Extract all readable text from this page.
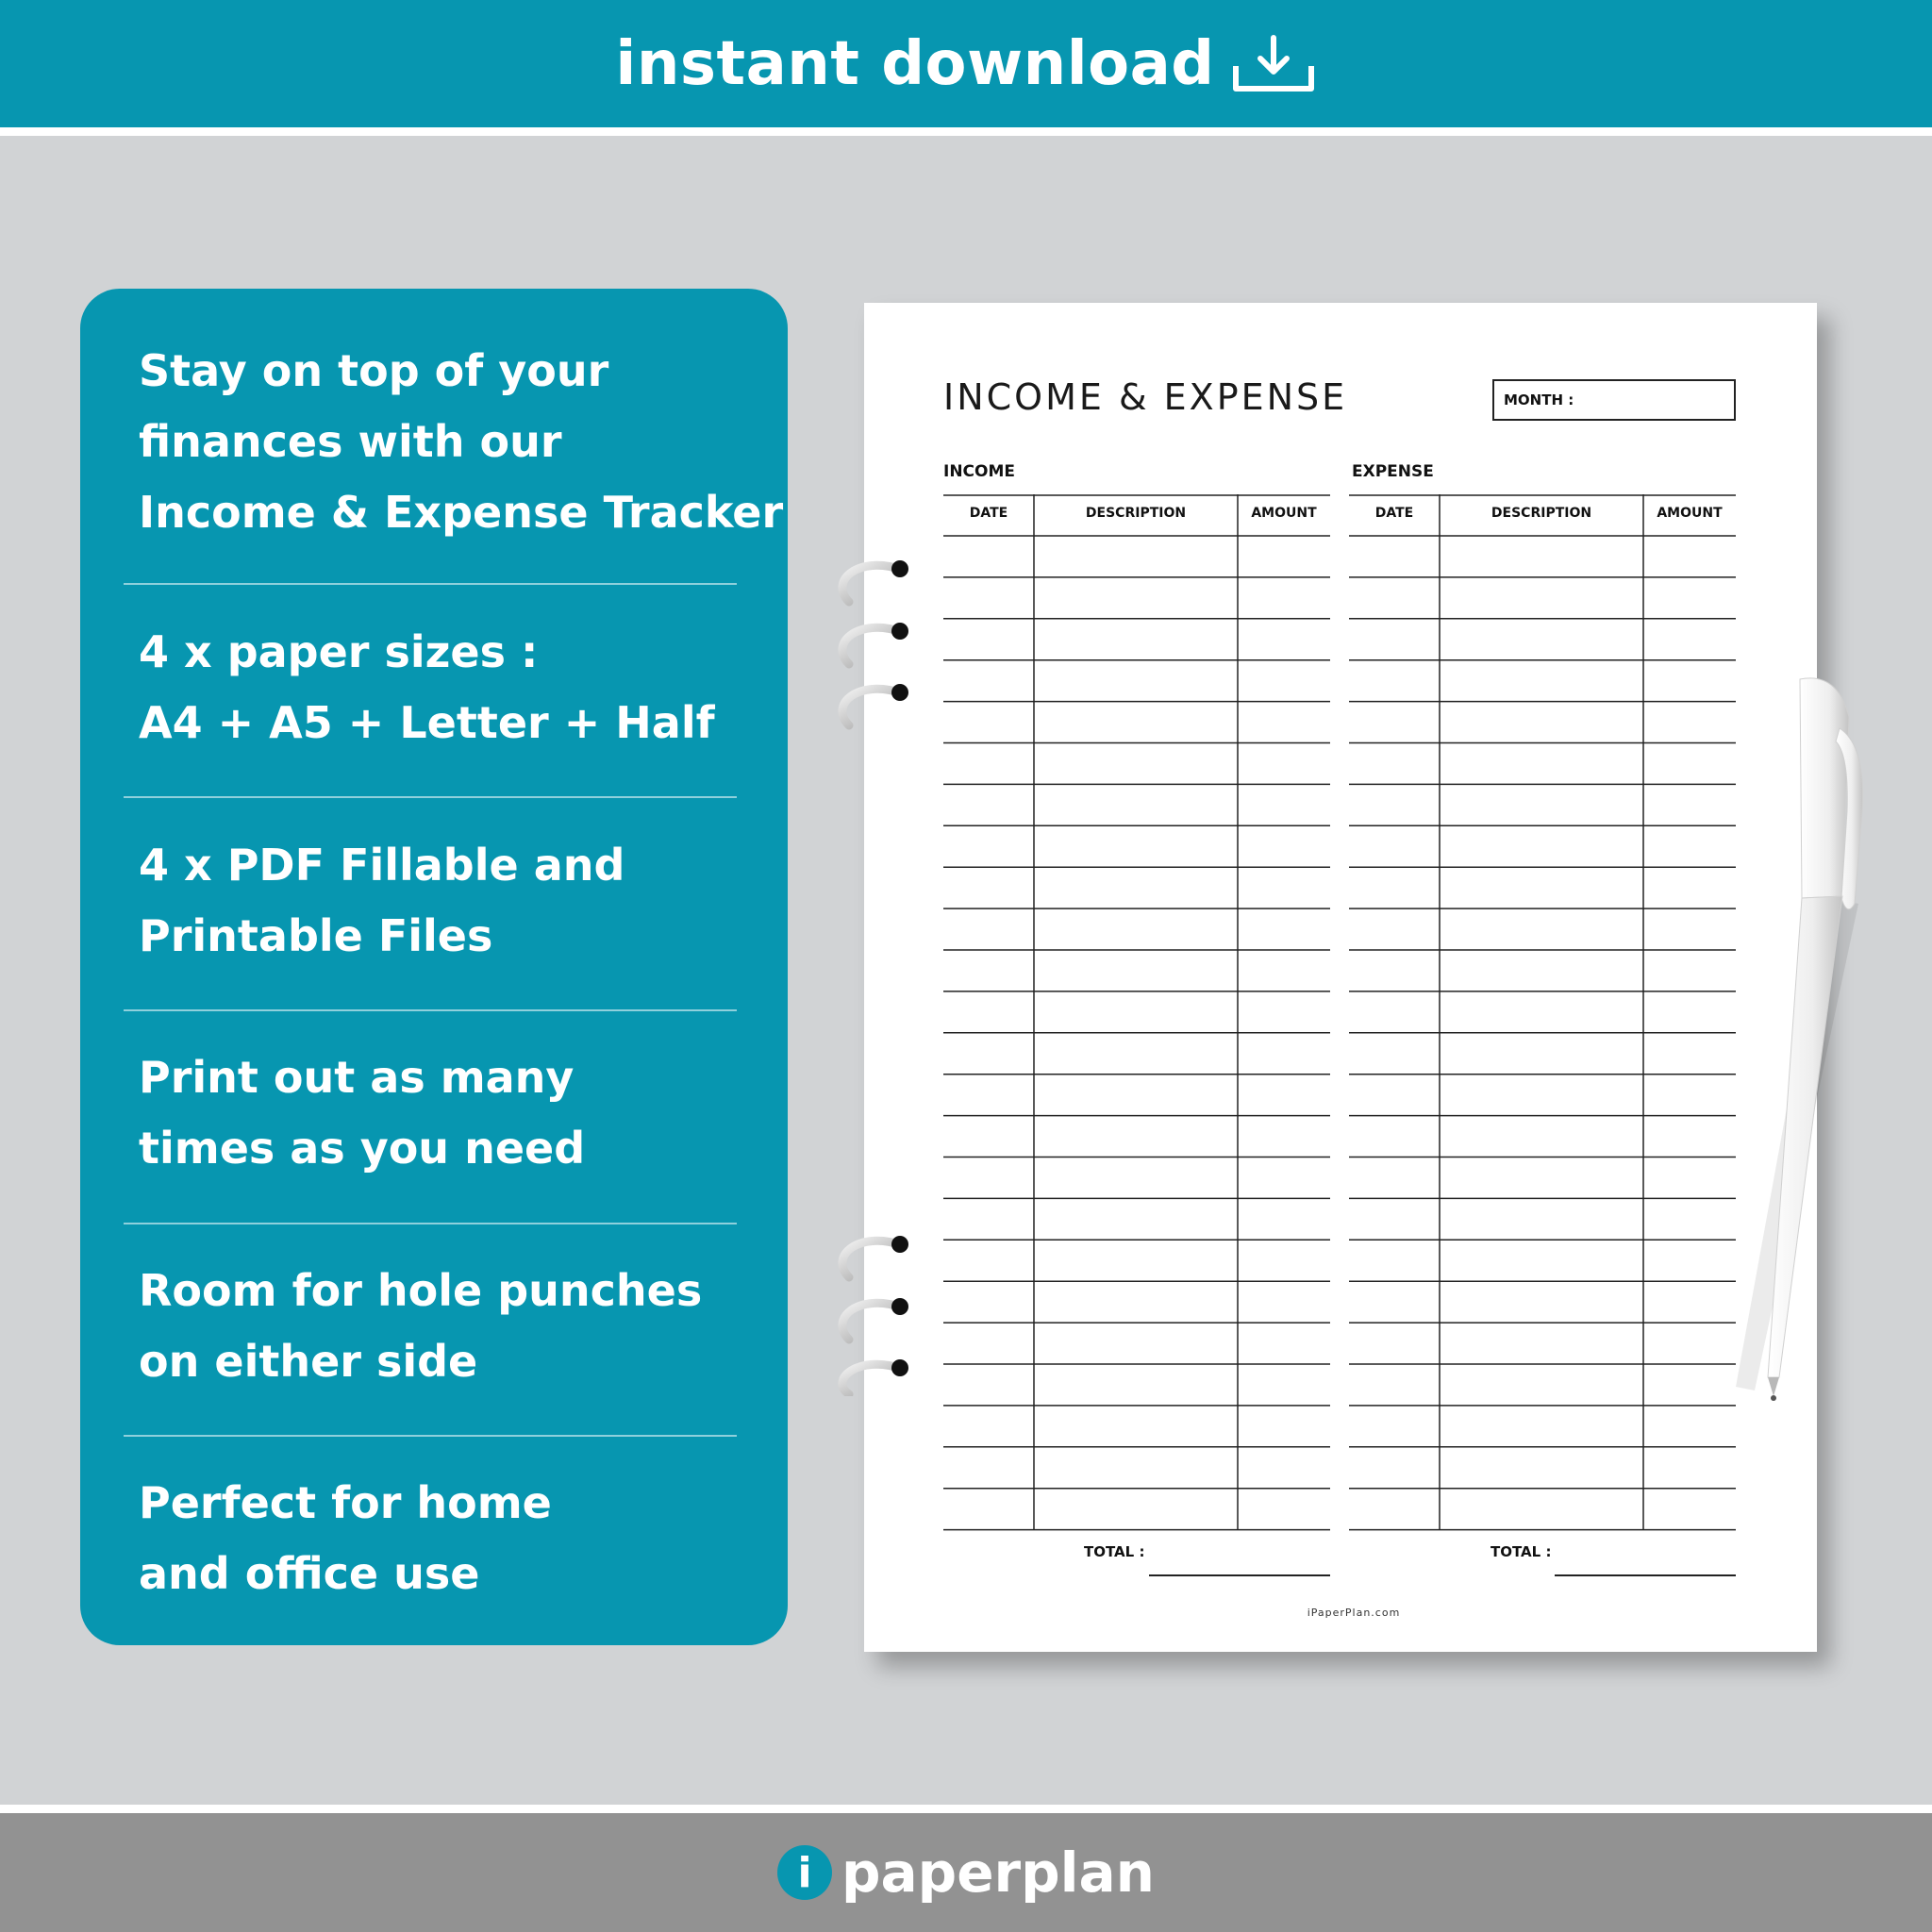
instant download
Stay on top of your
finances with our
Income & Expense Tracker
4 x paper sizes :
A4 + A5 + Letter + Half
4 x PDF Fillable and
Printable Files
Print out as many
times as you need
Room for hole punches
on either side
Perfect for home
and office use
INCOME & EXPENSE	MONTH :
INCOME	EXPENSE
DATE	DESCRIPTION	AMOUNT	DATE	DESCRIPTION	AMOUNT
TOTAL :	TOTAL :
iPaperPlan.com
i paperplan
